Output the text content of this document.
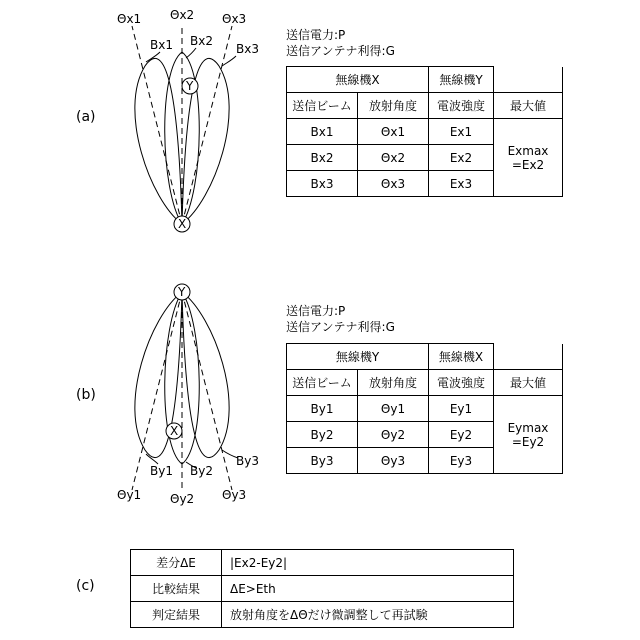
(a)
Θx1 Θx2 Θx3
Bx1 Bx2
Bx3
Y
X
Y
X
By1 By2
By3
Θy1 Θy2 Θy3
送信電力:P
送信アンテナ利得:G
無線機X	無線機Y	
送信ビーム	放射角度	電波強度	最大値
Bx1	Θx1	Ex1	
Exmax
=Ex2

Bx2	Θx2	Ex2
Bx3	Θx3	Ex3
(b)
送信電力:P
送信アンテナ利得:G
無線機Y	無線機X	
送信ビーム	放射角度	電波強度	最大値
By1	Θy1	Ey1	
Eymax
=Ey2

By2	Θy2	Ey2
By3	Θy3	Ey3
(c)
差分ΔE	|Ex2-Ey2|
比較結果	ΔE>Eth
判定結果	放射角度をΔΘだけ微調整して再試験
